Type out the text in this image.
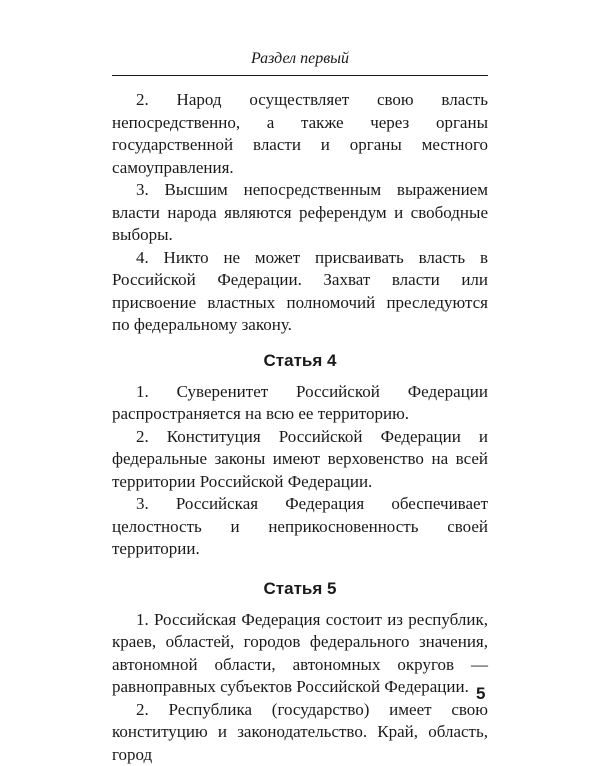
Раздел первый

2. Народ осуществляет свою власть непосредственно, а также через органы государственной власти и органы местного самоуправления.

3. Высшим непосредственным выражением власти народа являются референдум и свободные выборы.

4. Никто не может присваивать власть в Российской Федерации. Захват власти или присвоение властных полномочий преследуются по федеральному закону.

Статья 4

1. Суверенитет Российской Федерации распространяется на всю ее территорию.

2. Конституция Российской Федерации и федеральные законы имеют верховенство на всей территории Российской Федерации.

3. Российская Федерация обеспечивает целостность и неприкосновенность своей территории.

Статья 5

1. Российская Федерация состоит из республик, краев, областей, городов федерального значения, автономной области, автономных округов — равноправных субъектов Российской Федерации.

2. Республика (государство) имеет свою конституцию и законодательство. Край, область, город

5
